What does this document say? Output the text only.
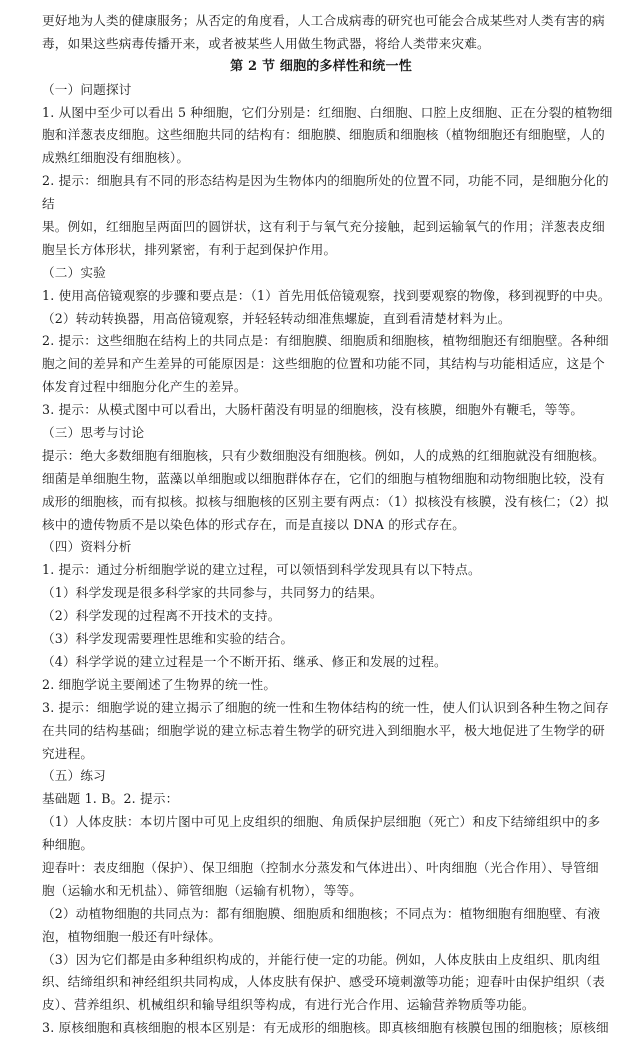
更好地为人类的健康服务；从否定的角度看，人工合成病毒的研究也可能会合成某些对人类有害的病
毒，如果这些病毒传播开来，或者被某些人用做生物武器，将给人类带来灾难。
第 2 节 细胞的多样性和统一性
（一）问题探讨
1. 从图中至少可以看出 5 种细胞，它们分别是：红细胞、白细胞、口腔上皮细胞、正在分裂的植物细
胞和洋葱表皮细胞。这些细胞共同的结构有：细胞膜、细胞质和细胞核（植物细胞还有细胞壁，人的
成熟红细胞没有细胞核）。
2. 提示：细胞具有不同的形态结构是因为生物体内的细胞所处的位置不同，功能不同，是细胞分化的
结
果。例如，红细胞呈两面凹的圆饼状，这有利于与氧气充分接触，起到运输氧气的作用；洋葱表皮细
胞呈长方体形状，排列紧密，有利于起到保护作用。
（二）实验
1. 使用高倍镜观察的步骤和要点是：（1）首先用低倍镜观察，找到要观察的物像，移到视野的中央。
（2）转动转换器，用高倍镜观察，并轻轻转动细准焦螺旋，直到看清楚材料为止。
2. 提示：这些细胞在结构上的共同点是：有细胞膜、细胞质和细胞核，植物细胞还有细胞壁。各种细
胞之间的差异和产生差异的可能原因是：这些细胞的位置和功能不同，其结构与功能相适应，这是个
体发育过程中细胞分化产生的差异。
3. 提示：从模式图中可以看出，大肠杆菌没有明显的细胞核，没有核膜，细胞外有鞭毛，等等。
（三）思考与讨论
提示：绝大多数细胞有细胞核，只有少数细胞没有细胞核。例如，人的成熟的红细胞就没有细胞核。
细菌是单细胞生物，蓝藻以单细胞或以细胞群体存在，它们的细胞与植物细胞和动物细胞比较，没有
成形的细胞核，而有拟核。拟核与细胞核的区别主要有两点：（1）拟核没有核膜，没有核仁；（2）拟
核中的遗传物质不是以染色体的形式存在，而是直接以 DNA 的形式存在。
（四）资料分析
1. 提示：通过分析细胞学说的建立过程，可以领悟到科学发现具有以下特点。
（1）科学发现是很多科学家的共同参与，共同努力的结果。
（2）科学发现的过程离不开技术的支持。
（3）科学发现需要理性思维和实验的结合。
（4）科学学说的建立过程是一个不断开拓、继承、修正和发展的过程。
2. 细胞学说主要阐述了生物界的统一性。
3. 提示：细胞学说的建立揭示了细胞的统一性和生物体结构的统一性，使人们认识到各种生物之间存
在共同的结构基础；细胞学说的建立标志着生物学的研究进入到细胞水平，极大地促进了生物学的研
究进程。
（五）练习
基础题 1. B。2. 提示：
（1）人体皮肤：本切片图中可见上皮组织的细胞、角质保护层细胞（死亡）和皮下结缔组织中的多
种细胞。
迎春叶：表皮细胞（保护）、保卫细胞（控制水分蒸发和气体进出）、叶肉细胞（光合作用）、导管细
胞（运输水和无机盐）、筛管细胞（运输有机物），等等。
（2）动植物细胞的共同点为：都有细胞膜、细胞质和细胞核；不同点为：植物细胞有细胞壁、有液
泡，植物细胞一般还有叶绿体。
（3）因为它们都是由多种组织构成的，并能行使一定的功能。例如，人体皮肤由上皮组织、肌肉组
织、结缔组织和神经组织共同构成，人体皮肤有保护、感受环境刺激等功能；迎春叶由保护组织（表
皮）、营养组织、机械组织和输导组织等构成，有进行光合作用、运输营养物质等功能。
3. 原核细胞和真核细胞的根本区别是：有无成形的细胞核。即真核细胞有核膜包围的细胞核；原核细
